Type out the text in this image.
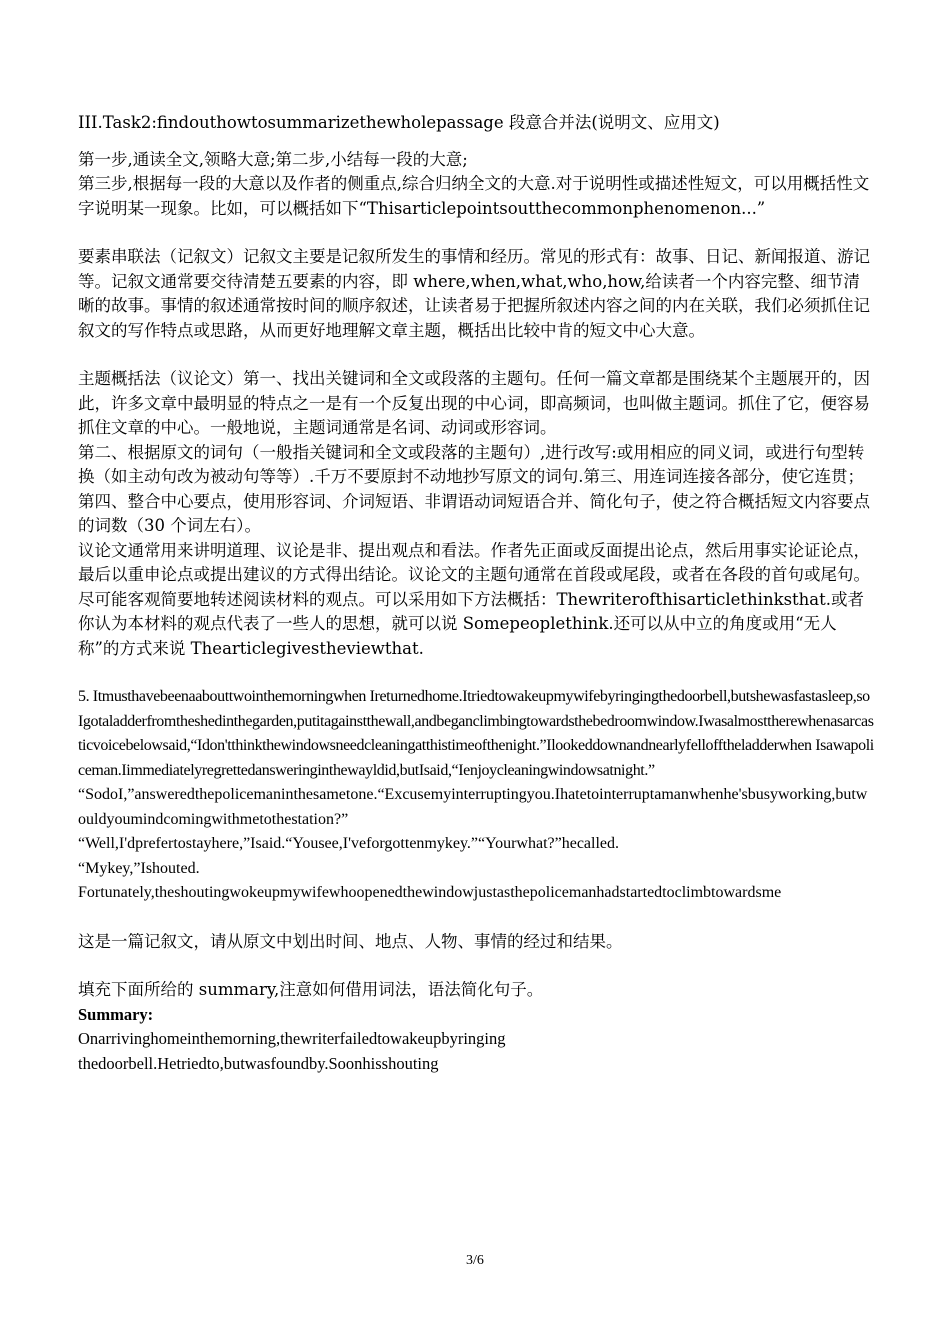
III.Task2:findouthowtosummarizethewholepassage 段意合并法(说明文、应用文)

第一步,通读全文,领略大意;第二步,小结每一段的大意;

第三步,根据每一段的大意以及作者的侧重点,综合归纳全文的大意.对于说明性或描述性短文，可以用概括性文字说明某一现象。比如，可以概括如下“Thisarticlepointsoutthecommonphenomenon...”

要素串联法（记叙文）记叙文主要是记叙所发生的事情和经历。常见的形式有：故事、日记、新闻报道、游记等。记叙文通常要交待清楚五要素的内容，即 where,when,what,who,how,给读者一个内容完整、细节清晰的故事。事情的叙述通常按时间的顺序叙述，让读者易于把握所叙述内容之间的内在关联，我们必须抓住记叙文的写作特点或思路，从而更好地理解文章主题，概括出比较中肯的短文中心大意。

主题概括法（议论文）第一、找出关键词和全文或段落的主题句。任何一篇文章都是围绕某个主题展开的，因此，许多文章中最明显的特点之一是有一个反复出现的中心词，即高频词，也叫做主题词。抓住了它，便容易抓住文章的中心。一般地说，主题词通常是名词、动词或形容词。

第二、根据原文的词句（一般指关键词和全文或段落的主题句）,进行改写:或用相应的同义词，或进行句型转换（如主动句改为被动句等等）.千万不要原封不动地抄写原文的词句.第三、用连词连接各部分，使它连贯；第四、整合中心要点，使用形容词、介词短语、非谓语动词短语合并、简化句子，使之符合概括短文内容要点的词数（30 个词左右）。

议论文通常用来讲明道理、议论是非、提出观点和看法。作者先正面或反面提出论点，然后用事实论证论点，最后以重申论点或提出建议的方式得出结论。议论文的主题句通常在首段或尾段，或者在各段的首句或尾句。

尽可能客观简要地转述阅读材料的观点。可以采用如下方法概括：Thewriterofthisarticlethinksthat.或者你认为本材料的观点代表了一些人的思想，就可以说 Somepeoplethink.还可以从中立的角度或用“无人称”的方式来说 Thearticlegivestheviewthat.

5. Itmusthavebeenaabouttwointhemorningwhen Ireturnedhome.Itriedtowakeupmywifebyringingthedoorbell,butshewasfastasleep,soIgotaladderfromtheshedinthegarden,putitagainstthewall,andbeganclimbingtowardsthebedroomwindow.Iwasalmosttherewhenasarcasticvoicebelowsaid,“Idon'tthinkthewindowsneedcleaningatthistimeofthenight.”Ilookeddownandnearlyfellofftheladderwhen Isawapoliceman.Iimmediatelyregrettedansweringinthewayldid,butIsaid,“Ienjoycleaningwindowsatnight.”

“SodoI,”answeredthepolicemaninthesametone.“Excusemyinterruptingyou.Ihatetointerruptamanwhenhe'sbusyworking,butwouldyoumindcomingwithmetothestation?”

“Well,I'dprefertostayhere,”Isaid.“Yousee,I'veforgottenmykey.”“Yourwhat?”hecalled.

“Mykey,”Ishouted.

Fortunately,theshoutingwokeupmywifewhoopenedthewindowjustasthepolicemanhadstartedtoclimbtowardsme

这是一篇记叙文，请从原文中划出时间、地点、人物、事情的经过和结果。

填充下面所给的 summary,注意如何借用词法，语法简化句子。

Summary:

Onarrivinghomeinthemorning,thewriterfailedtowakeupbyringing

thedoorbell.Hetriedto,butwasfoundby.Soonhisshouting

3/6
